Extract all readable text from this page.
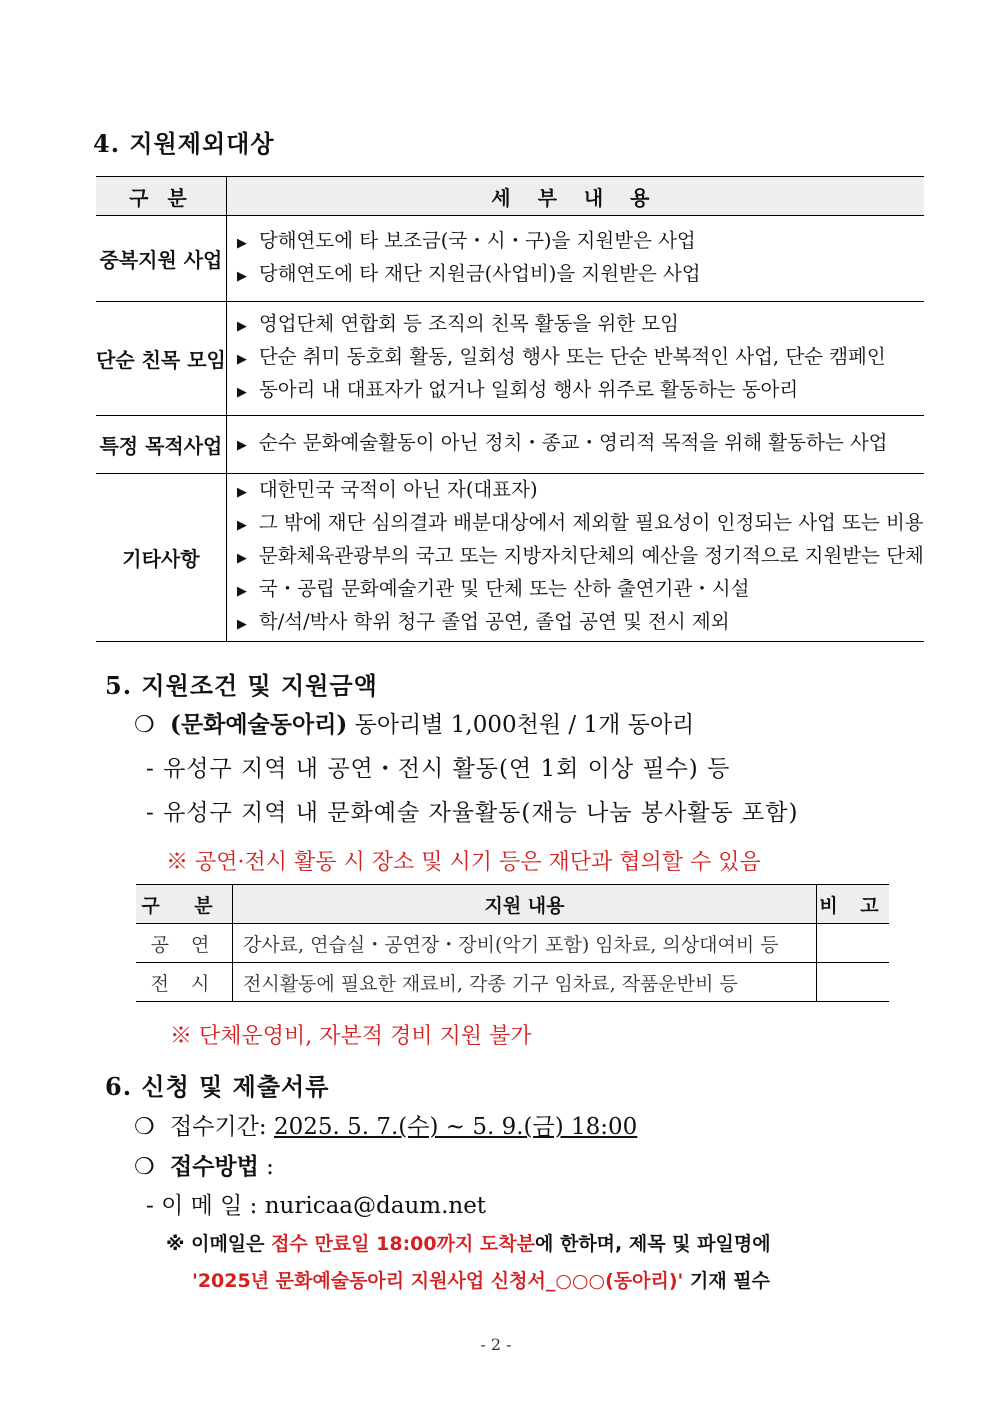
4. 지원제외대상
구 분	세 부 내 용
중복지원 사업	▶ 당해연도에 타 보조금(국・시・구)을 지원받은 사업
▶ 당해연도에 타 재단 지원금(사업비)을 지원받은 사업

단순 친목 모임	▶ 영업단체 연합회 등 조직의 친목 활동을 위한 모임
▶ 단순 취미 동호회 활동, 일회성 행사 또는 단순 반복적인 사업, 단순 캠페인
▶ 동아리 내 대표자가 없거나 일회성 행사 위주로 활동하는 동아리

특정 목적사업	▶ 순수 문화예술활동이 아닌 정치・종교・영리적 목적을 위해 활동하는 사업

기타사항	▶ 대한민국 국적이 아닌 자(대표자)
▶ 그 밖에 재단 심의결과 배분대상에서 제외할 필요성이 인정되는 사업 또는 비용
▶ 문화체육관광부의 국고 또는 지방자치단체의 예산을 정기적으로 지원받는 단체
▶ 국・공립 문화예술기관 및 단체 또는 산하 출연기관・시설
▶ 학/석/박사 학위 청구 졸업 공연, 졸업 공연 및 전시 제외
5. 지원조건 및 지원금액
❍ (문화예술동아리) 동아리별 1,000천원 / 1개 동아리
- 유성구 지역 내 공연・전시 활동(연 1회 이상 필수) 등
- 유성구 지역 내 문화예술 자율활동(재능 나눔 봉사활동 포함)
※ 공연·전시 활동 시 장소 및 시기 등은 재단과 협의할 수 있음
구 분	지원 내용	비 고
공 연	강사료, 연습실・공연장・장비(악기 포함) 임차료, 의상대여비 등	
전 시	전시활동에 필요한 재료비, 각종 기구 임차료, 작품운반비 등	
※ 단체운영비, 자본적 경비 지원 불가
6. 신청 및 제출서류
❍ 접수기간: 2025. 5. 7.(수) ~ 5. 9.(금) 18:00
❍ 접수방법 :
- 이 메 일 : nuricaa@daum.net
※ 이메일은 접수 만료일 18:00까지 도착분에 한하며, 제목 및 파일명에
'2025년 문화예술동아리 지원사업 신청서_○○○(동아리)' 기재 필수
- 2 -
